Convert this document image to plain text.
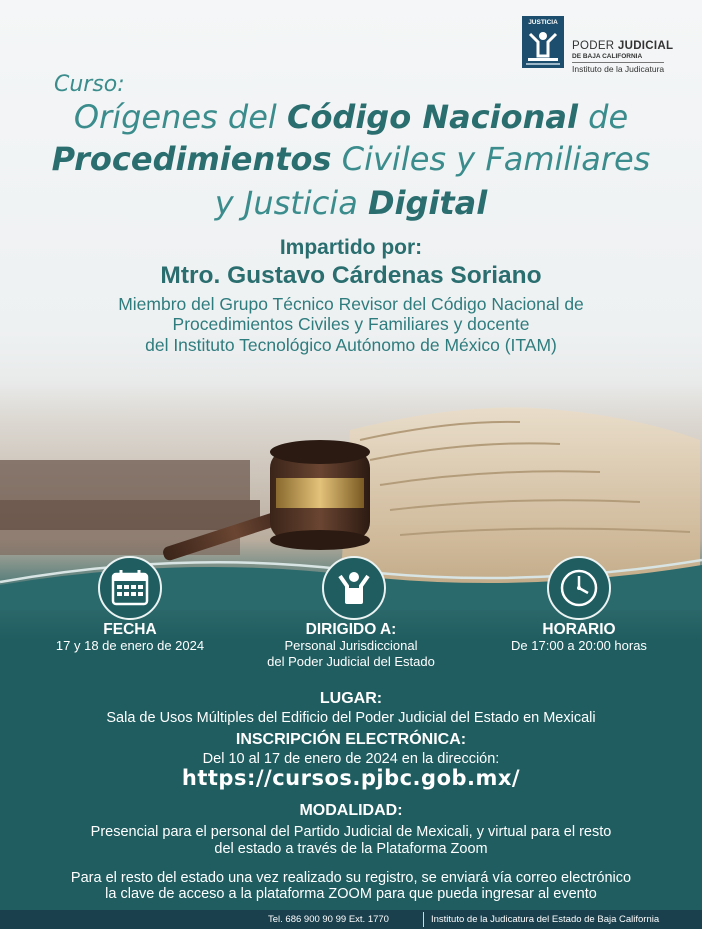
JUSTICIA
PODER JUDICIAL
DE BAJA CALIFORNIA
Instituto de la Judicatura
Curso:
Orígenes del Código Nacional de
Procedimientos Civiles y Familiares
y Justicia Digital
Impartido por:
Mtro. Gustavo Cárdenas Soriano
Miembro del Grupo Técnico Revisor del Código Nacional de
Procedimientos Civiles y Familiares y docente
del Instituto Tecnológico Autónomo de México (ITAM)
FECHA
17 y 18 de enero de 2024
DIRIGIDO A:
Personal Jurisdiccional
del Poder Judicial del Estado
HORARIO
De 17:00 a 20:00 horas
LUGAR:
Sala de Usos Múltiples del Edificio del Poder Judicial del Estado en Mexicali
INSCRIPCIÓN ELECTRÓNICA:
Del 10 al 17 de enero de 2024 en la dirección:
https://cursos.pjbc.gob.mx/
MODALIDAD:
Presencial para el personal del Partido Judicial de Mexicali, y virtual para el resto
del estado a través de la Plataforma Zoom
Para el resto del estado una vez realizado su registro, se enviará vía correo electrónico
la clave de acceso a la plataforma ZOOM para que pueda ingresar al evento
Tel. 686 900 90 99 Ext. 1770	Instituto de la Judicatura del Estado de Baja California
